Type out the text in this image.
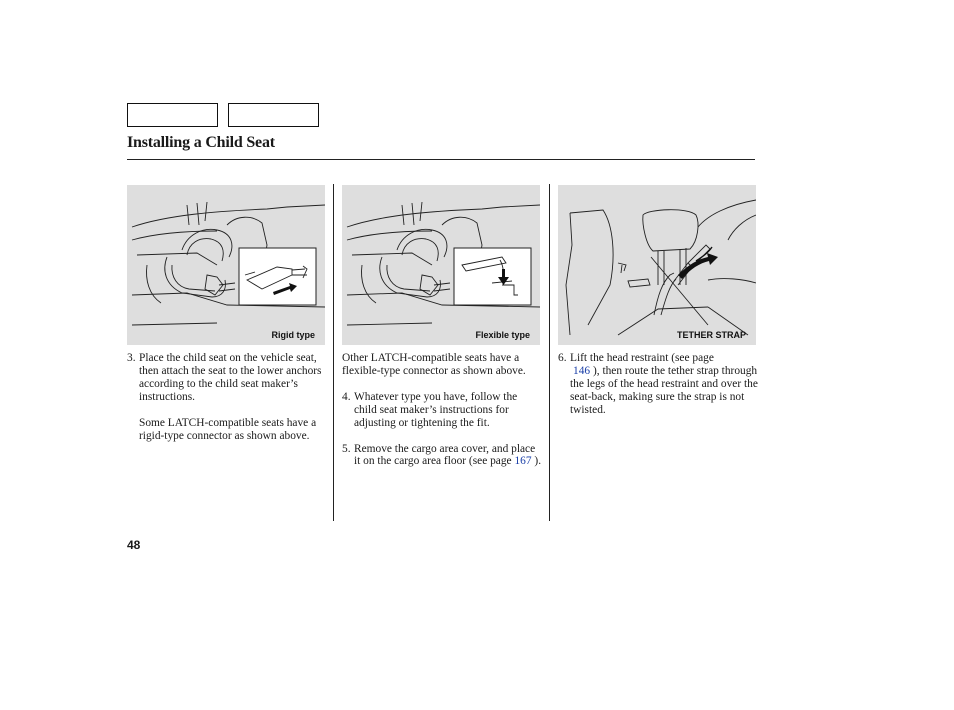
Installing a Child Seat
Rigid type	Flexible type	TETHER STRAP
3. Place the child seat on the vehicle seat, then attach the seat to the lower anchors according to the child seat maker’s instructions.

Some LATCH-compatible seats have a rigid-type connector as shown above.

Other LATCH-compatible seats have a flexible-type connector as shown above.

4. Whatever type you have, follow the child seat maker’s instructions for adjusting or tightening the fit.

5. Remove the cargo area cover, and place it on the cargo area floor (see page 167 ).

6. Lift the head restraint (see page
146 ), then route the tether strap through the legs of the head restraint and over the seat-back, making sure the strap is not twisted.

48
